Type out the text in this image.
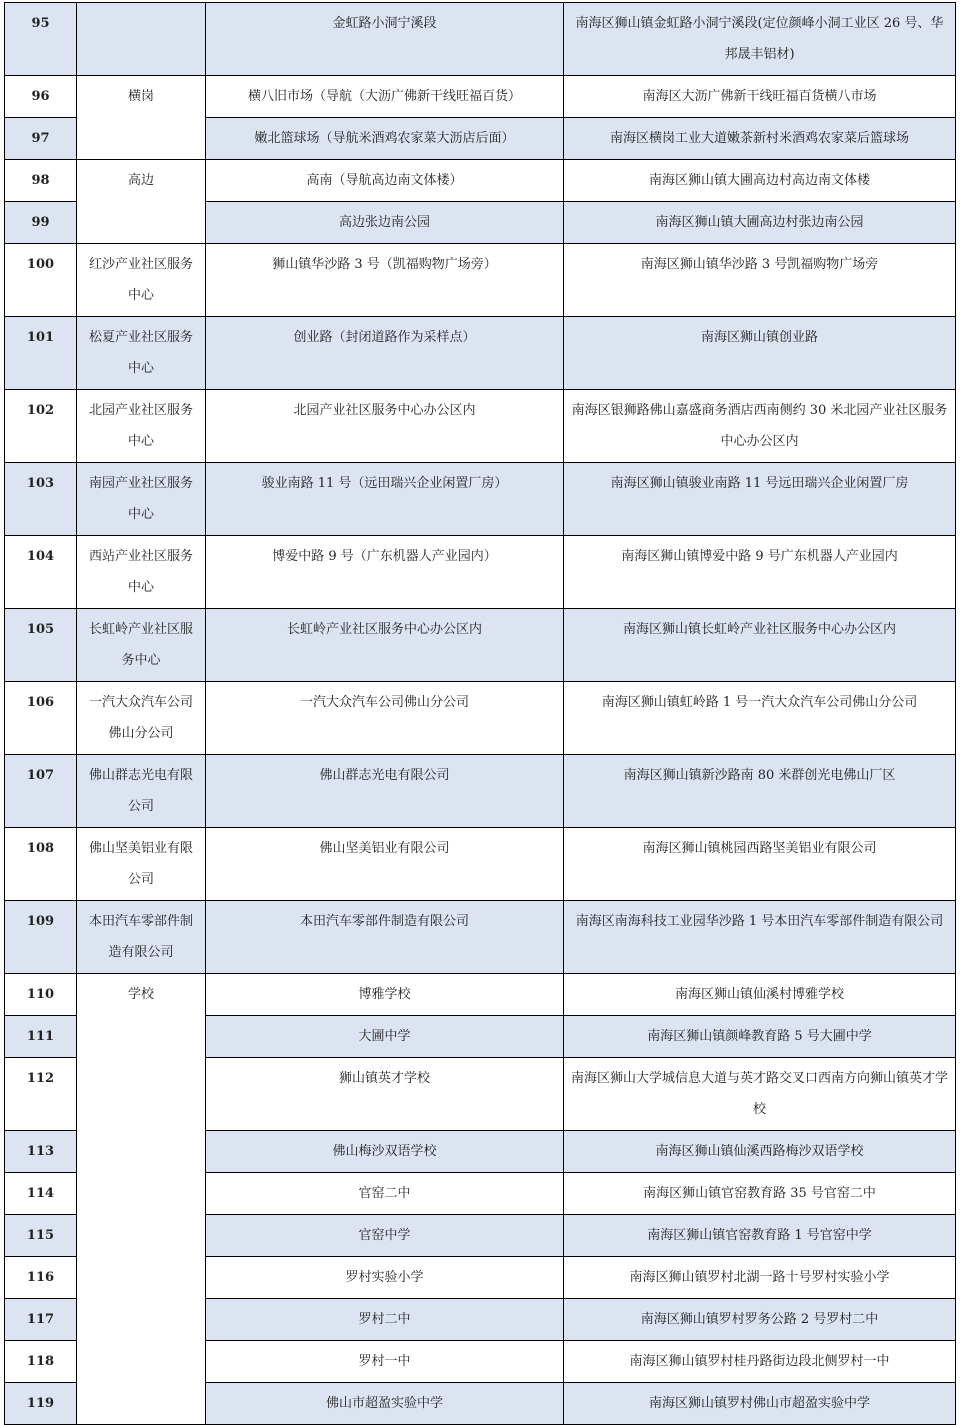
95		金虹路小洞宁溪段	南海区狮山镇金虹路小洞宁溪段(定位颜峰小洞工业区 26 号、华邦晟丰铝材)
96	横岗	横八旧市场（导航（大沥广佛新干线旺福百货）	南海区大沥广佛新干线旺福百货横八市场
97		嫩北篮球场（导航米酒鸡农家菜大沥店后面）	南海区横岗工业大道嫩茶新村米酒鸡农家菜后篮球场
98	高边	高南（导航高边南文体楼）	南海区狮山镇大圃高边村高边南文体楼
99		高边张边南公园	南海区狮山镇大圃高边村张边南公园
100	红沙产业社区服务中心	狮山镇华沙路 3 号（凯福购物广场旁）	南海区狮山镇华沙路 3 号凯福购物广场旁
101	松夏产业社区服务中心	创业路（封闭道路作为采样点）	南海区狮山镇创业路
102	北园产业社区服务中心	北园产业社区服务中心办公区内	南海区银狮路佛山嘉盛商务酒店西南侧约 30 米北园产业社区服务中心办公区内
103	南园产业社区服务中心	骏业南路 11 号（远田瑞兴企业闲置厂房）	南海区狮山镇骏业南路 11 号远田瑞兴企业闲置厂房
104	西站产业社区服务中心	博爱中路 9 号（广东机器人产业园内）	南海区狮山镇博爱中路 9 号广东机器人产业园内
105	长虹岭产业社区服务中心	长虹岭产业社区服务中心办公区内	南海区狮山镇长虹岭产业社区服务中心办公区内
106	一汽大众汽车公司佛山分公司	一汽大众汽车公司佛山分公司	南海区狮山镇虹岭路 1 号一汽大众汽车公司佛山分公司
107	佛山群志光电有限公司	佛山群志光电有限公司	南海区狮山镇新沙路南 80 米群创光电佛山厂区
108	佛山坚美铝业有限公司	佛山坚美铝业有限公司	南海区狮山镇桃园西路坚美铝业有限公司
109	本田汽车零部件制造有限公司	本田汽车零部件制造有限公司	南海区南海科技工业园华沙路 1 号本田汽车零部件制造有限公司
110	学校	博雅学校	南海区狮山镇仙溪村博雅学校
111		大圃中学	南海区狮山镇颜峰教育路 5 号大圃中学
112		狮山镇英才学校	南海区狮山大学城信息大道与英才路交叉口西南方向狮山镇英才学校
113		佛山梅沙双语学校	南海区狮山镇仙溪西路梅沙双语学校
114		官窑二中	南海区狮山镇官窑教育路 35 号官窑二中
115		官窑中学	南海区狮山镇官窑教育路 1 号官窑中学
116		罗村实验小学	南海区狮山镇罗村北湖一路十号罗村实验小学
117		罗村二中	南海区狮山镇罗村罗务公路 2 号罗村二中
118		罗村一中	南海区狮山镇罗村桂丹路街边段北侧罗村一中
119		佛山市超盈实验中学	南海区狮山镇罗村佛山市超盈实验中学
